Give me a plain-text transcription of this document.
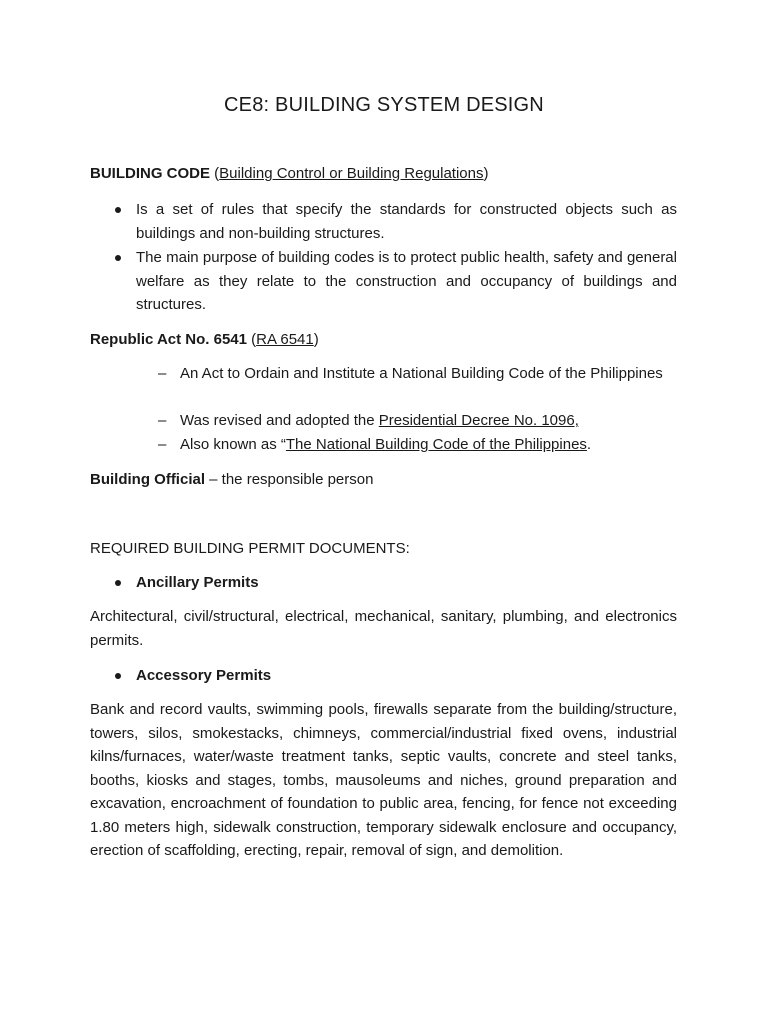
CE8: BUILDING SYSTEM DESIGN
BUILDING CODE (Building Control or Building Regulations)
Is a set of rules that specify the standards for constructed objects such as buildings and non-building structures.
The main purpose of building codes is to protect public health, safety and general welfare as they relate to the construction and occupancy of buildings and structures.
Republic Act No. 6541 (RA 6541)
– An Act to Ordain and Institute a National Building Code of the Philippines
– Was revised and adopted the Presidential Decree No. 1096,
– Also known as “The National Building Code of the Philippines.
Building Official – the responsible person
REQUIRED BUILDING PERMIT DOCUMENTS:
Ancillary Permits
Architectural, civil/structural, electrical, mechanical, sanitary, plumbing, and electronics permits.
Accessory Permits
Bank and record vaults, swimming pools, firewalls separate from the building/structure, towers, silos, smokestacks, chimneys, commercial/industrial fixed ovens, industrial kilns/furnaces, water/waste treatment tanks, septic vaults, concrete and steel tanks, booths, kiosks and stages, tombs, mausoleums and niches, ground preparation and excavation, encroachment of foundation to public area, fencing, for fence not exceeding 1.80 meters high, sidewalk construction, temporary sidewalk enclosure and occupancy, erection of scaffolding, erecting, repair, removal of sign, and demolition.
